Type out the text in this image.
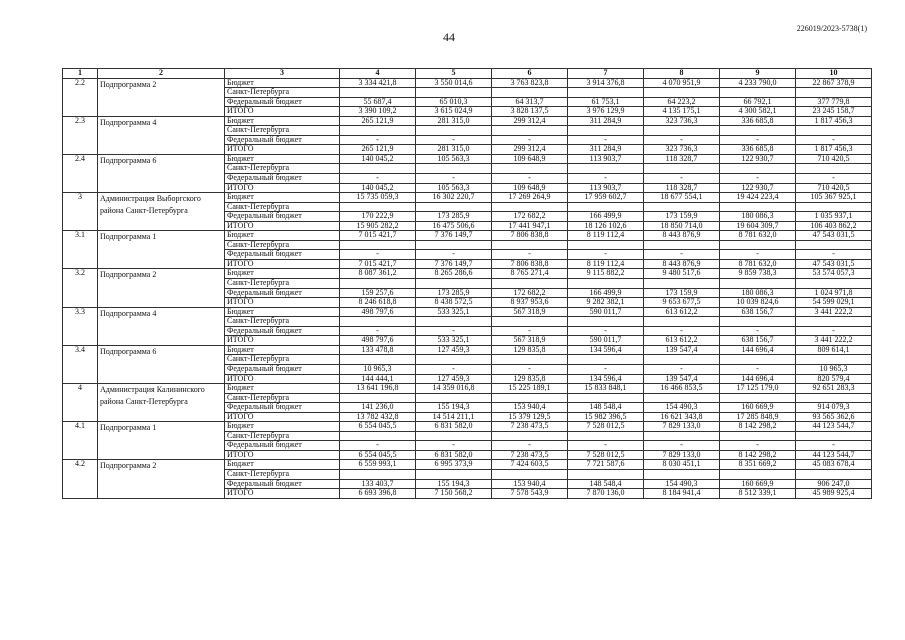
44
226019/2023-5738(1)
1	2	3	4	5	6	7	8	9	10
2.2	Подпрограмма 2	Бюджет	3 334 421,8	3 550 014,6	3 763 823,8	3 914 376,8	4 070 951,9	4 233 790,0	22 867 378,9
		Санкт-Петербурга							
		Федеральный бюджет	55 687,4	65 010,3	64 313,7	61 753,1	64 223,2	66 792,1	377 779,8
		ИТОГО	3 390 109,2	3 615 024,9	3 828 137,5	3 976 129,9	4 135 175,1	4 300 582,1	23 245 158,7
2.3	Подпрограмма 4	Бюджет	265 121,9	281 315,0	299 312,4	311 284,9	323 736,3	336 685,8	1 817 456,3
		Санкт-Петербурга							
		Федеральный бюджет	-	-	-	-	-	-	-
		ИТОГО	265 121,9	281 315,0	299 312,4	311 284,9	323 736,3	336 685,8	1 817 456,3
2.4	Подпрограмма 6	Бюджет	140 045,2	105 563,3	109 648,9	113 903,7	118 328,7	122 930,7	710 420,5
		Санкт-Петербурга							
		Федеральный бюджет	-	-	-	-	-	-	-
		ИТОГО	140 045,2	105 563,3	109 648,9	113 903,7	118 328,7	122 930,7	710 420,5
3	Администрация Выборгского района Санкт-Петербурга	Бюджет	15 735 059,3	16 302 220,7	17 269 264,9	17 959 602,7	18 677 554,1	19 424 223,4	105 367 925,1
		Санкт-Петербурга							
		Федеральный бюджет	170 222,9	173 285,9	172 682,2	166 499,9	173 159,9	180 086,3	1 035 937,1
		ИТОГО	15 905 282,2	16 475 506,6	17 441 947,1	18 126 102,6	18 850 714,0	19 604 309,7	106 403 862,2
3.1	Подпрограмма 1	Бюджет	7 015 421,7	7 376 149,7	7 806 838,8	8 119 112,4	8 443 876,9	8 781 632,0	47 543 031,5
		Санкт-Петербурга							
		Федеральный бюджет	-	-	-	-	-	-	-
		ИТОГО	7 015 421,7	7 376 149,7	7 806 838,8	8 119 112,4	8 443 876,9	8 781 632,0	47 543 031,5
3.2	Подпрограмма 2	Бюджет	8 087 361,2	8 265 286,6	8 765 271,4	9 115 882,2	9 480 517,6	9 859 738,3	53 574 057,3
		Санкт-Петербурга							
		Федеральный бюджет	159 257,6	173 285,9	172 682,2	166 499,9	173 159,9	180 086,3	1 024 971,8
		ИТОГО	8 246 618,8	8 438 572,5	8 937 953,6	9 282 382,1	9 653 677,5	10 039 824,6	54 599 029,1
3.3	Подпрограмма 4	Бюджет	498 797,6	533 325,1	567 318,9	590 011,7	613 612,2	638 156,7	3 441 222,2
		Санкт-Петербурга							
		Федеральный бюджет	-	-	-	-	-	-	-
		ИТОГО	498 797,6	533 325,1	567 318,9	590 011,7	613 612,2	638 156,7	3 441 222,2
3.4	Подпрограмма 6	Бюджет	133 478,8	127 459,3	129 835,8	134 596,4	139 547,4	144 696,4	809 614,1
		Санкт-Петербурга							
		Федеральный бюджет	10 965,3	-	-	-	-	-	10 965,3
		ИТОГО	144 444,1	127 459,3	129 835,8	134 596,4	139 547,4	144 696,4	820 579,4
4	Администрация Калининского района Санкт-Петербурга	Бюджет	13 641 196,8	14 359 016,8	15 225 189,1	15 833 848,1	16 466 853,5	17 125 179,0	92 651 283,3
		Санкт-Петербурга							
		Федеральный бюджет	141 236,0	155 194,3	153 940,4	148 548,4	154 490,3	160 669,9	914 079,3
		ИТОГО	13 782 432,8	14 514 211,1	15 379 129,5	15 982 396,5	16 621 343,8	17 285 848,9	93 565 362,6
4.1	Подпрограмма 1	Бюджет	6 554 045,5	6 831 582,0	7 238 473,5	7 528 012,5	7 829 133,0	8 142 298,2	44 123 544,7
		Санкт-Петербурга							
		Федеральный бюджет	-	-	-	-	-	-	-
		ИТОГО	6 554 045,5	6 831 582,0	7 238 473,5	7 528 012,5	7 829 133,0	8 142 298,2	44 123 544,7
4.2	Подпрограмма 2	Бюджет	6 559 993,1	6 995 373,9	7 424 603,5	7 721 587,6	8 030 451,1	8 351 669,2	45 083 678,4
		Санкт-Петербурга							
		Федеральный бюджет	133 403,7	155 194,3	153 940,4	148 548,4	154 490,3	160 669,9	906 247,0
		ИТОГО	6 693 396,8	7 150 568,2	7 578 543,9	7 870 136,0	8 184 941,4	8 512 339,1	45 989 925,4
